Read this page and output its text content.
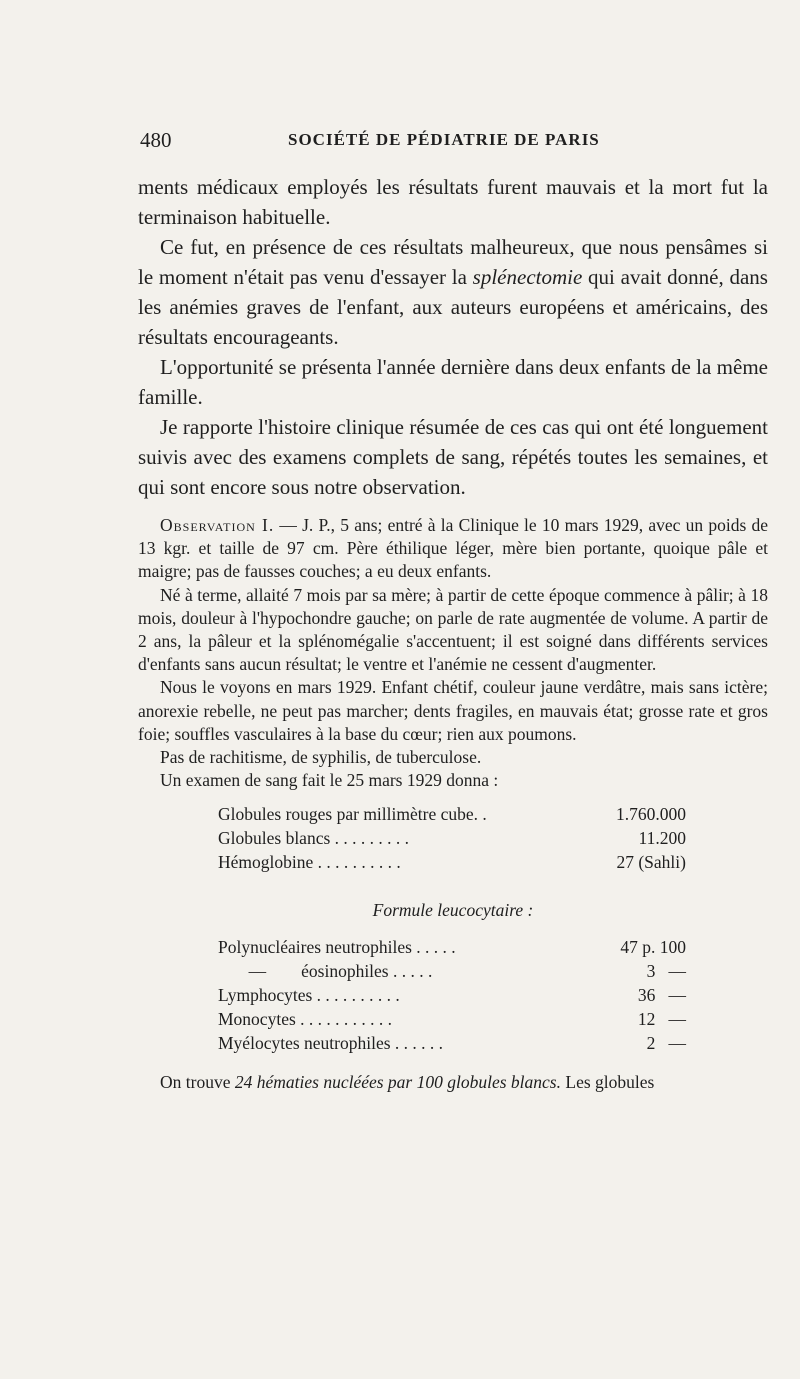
480	SOCIÉTÉ DE PÉDIATRIE DE PARIS

ments médicaux employés les résultats furent mauvais et la mort fut la terminaison habituelle.

Ce fut, en présence de ces résultats malheureux, que nous pensâmes si le moment n'était pas venu d'essayer la splénectomie qui avait donné, dans les anémies graves de l'enfant, aux auteurs européens et américains, des résultats encourageants.

L'opportunité se présenta l'année dernière dans deux enfants de la même famille.

Je rapporte l'histoire clinique résumée de ces cas qui ont été longuement suivis avec des examens complets de sang, répétés toutes les semaines, et qui sont encore sous notre observation.

Observation I. — J. P., 5 ans; entré à la Clinique le 10 mars 1929, avec un poids de 13 kgr. et taille de 97 cm. Père éthilique léger, mère bien portante, quoique pâle et maigre; pas de fausses couches; a eu deux enfants.

Né à terme, allaité 7 mois par sa mère; à partir de cette époque commence à pâlir; à 18 mois, douleur à l'hypochondre gauche; on parle de rate augmentée de volume. A partir de 2 ans, la pâleur et la splénomégalie s'accentuent; il est soigné dans différents services d'enfants sans aucun résultat; le ventre et l'anémie ne cessent d'augmenter.

Nous le voyons en mars 1929. Enfant chétif, couleur jaune verdâtre, mais sans ictère; anorexie rebelle, ne peut pas marcher; dents fragiles, en mauvais état; grosse rate et gros foie; souffles vasculaires à la base du cœur; rien aux poumons.

Pas de rachitisme, de syphilis, de tuberculose.

Un examen de sang fait le 25 mars 1929 donna :

Globules rouges par millimètre cube. .	1.760.000
Globules blancs . . . . . . . . .	11.200
Hémoglobine . . . . . . . . . .	27 (Sahli)
Formule leucocytaire :
Polynucléaires neutrophiles . . . . .	47 p. 100
—        éosinophiles . . . . .	3   —
Lymphocytes . . . . . . . . . .	36   —
Monocytes . . . . . . . . . . .	12   —
Myélocytes neutrophiles . . . . . .	2   —

On trouve 24 hématies nucléées par 100 globules blancs. Les globules
